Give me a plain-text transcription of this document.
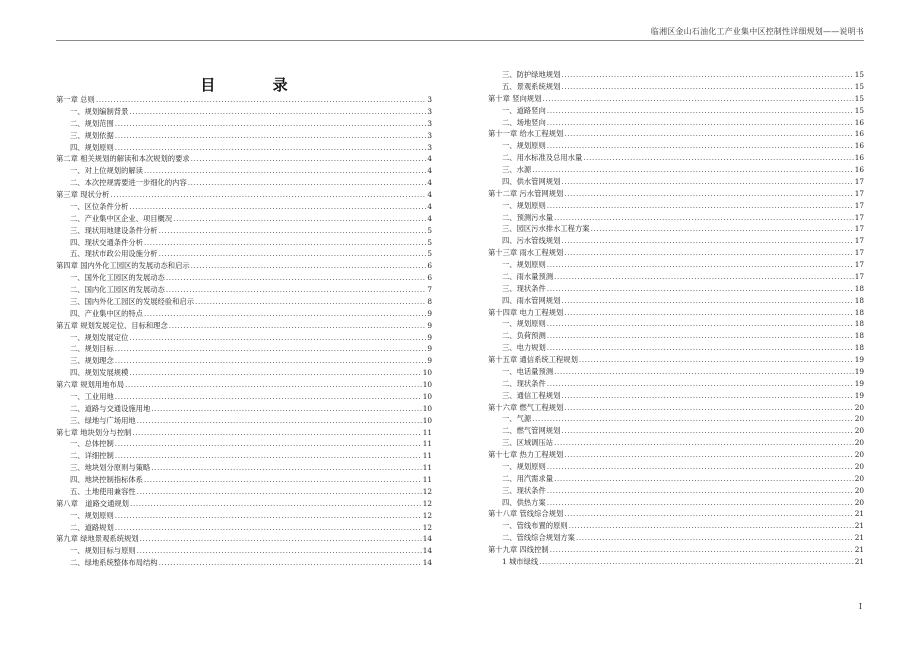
临湘区金山石油化工产业集中区控制性详细规划——说明书
目 录
第一章 总则 .....	3
一、规划编制背景 .....	3
二、规划范围 .....	3
三、规划依据 .....	3
四、规划原则 .....	3
第二章 相关规划的解读和本次规划的要求 .....	4
一、对上位规划的解读 .....	4
二、本次控规需要进一步细化的内容 .....	4
第三章 现状分析 .....	4
一、区位条件分析 .....	4
二、产业集中区企业、项目概况 .....	4
三、现状用地建设条件分析 .....	5
四、现状交通条件分析 .....	5
五、现状市政公用设施分析 .....	5
第四章 国内外化工园区的发展动态和启示 .....	6
一、国外化工园区的发展动态 .....	6
二、国内化工园区的发展动态 .....	7
三、国内外化工园区的发展经验和启示 .....	8
四、产业集中区的特点 .....	9
第五章 规划发展定位、目标和理念 .....	9
一、规划发展定位 .....	9
二、规划目标 .....	9
三、规划理念 .....	9
四、规划发展规模 .....	10
第六章 规划用地布局 .....	10
一、工业用地 .....	10
二、道路与交通设施用地 .....	10
三、绿地与广场用地 .....	10
第七章 地块划分与控制 .....	11
一、总体控制 .....	11
二、详细控制 .....	11
三、地块划分原则与策略 .....	11
四、地块控制指标体系 .....	11
五、土地使用兼容性 .....	12
第八章　道路交通规划 .....	12
一、规划原则 .....	12
二、道路规划 .....	12
第九章 绿地景观系统规划 .....	14
一、规划目标与原则 .....	14
二、绿地系统整体布局结构 .....	14
三、防护绿地规划 .....	15
五、景观系统规划 .....	15
第十章 竖向规划 .....	15
一、道路竖向 .....	15
二、场地竖向 .....	16
第十一章 给水工程规划 .....	16
一、规划原则 .....	16
二、用水标准及总用水量 .....	16
三、水源 .....	16
四、供水管网规划 .....	17
第十二章 污水管网规划 .....	17
一、规划原则 .....	17
二、预测污水量 .....	17
三、园区污水排水工程方案 .....	17
四、污水管线规划 .....	17
第十三章 雨水工程规划 .....	17
一、规划原则 .....	17
二、雨水量预测 .....	17
三、现状条件 .....	18
四、雨水管网规划 .....	18
第十四章 电力工程规划 .....	18
一、规划原则 .....	18
二、负荷预测 .....	18
三、电力规划 .....	18
第十五章 通信系统工程规划 .....	19
一、电话量预测 .....	19
二、现状条件 .....	19
三、通信工程规划 .....	19
第十六章 燃气工程规划 .....	20
一、气源 .....	20
二、燃气管网规划 .....	20
三、区域调压站 .....	20
第十七章 热力工程规划 .....	20
一、规划原则 .....	20
二、用汽需求量 .....	20
三、现状条件 .....	20
四、供热方案 .....	20
第十八章 管线综合规划 .....	21
一、管线布置的原则 .....	21
二、管线综合规划方案 .....	21
第十九章 四线控制 .....	21
1 城市绿线 .....	21
I
